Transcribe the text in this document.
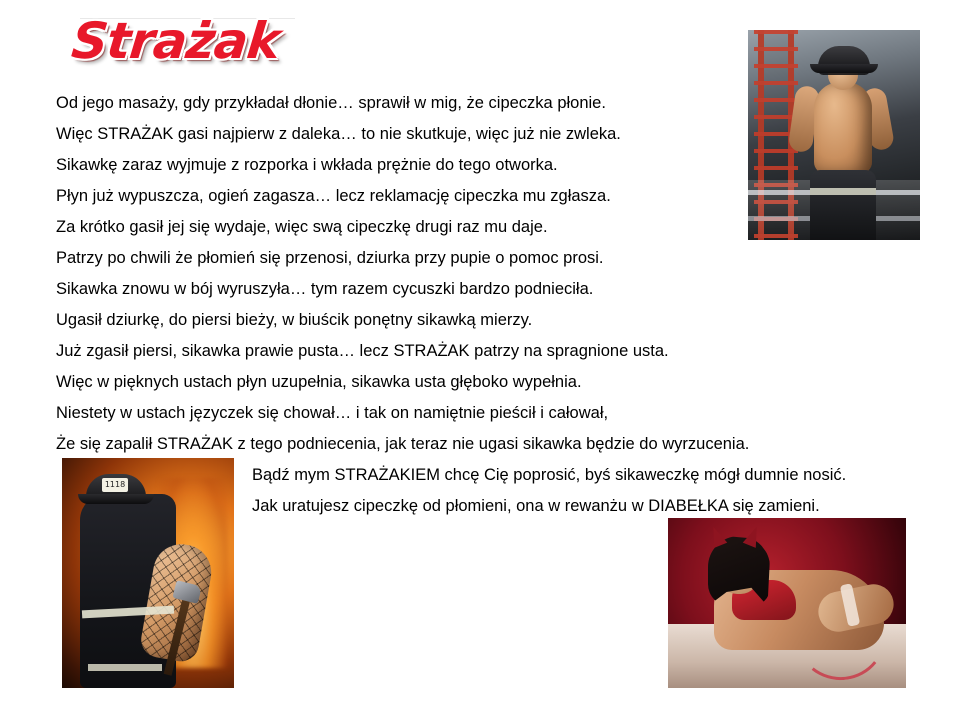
Strażak
Od jego masaży, gdy przykładał dłonie… sprawił w mig, że cipeczka płonie.
Więc STRAŻAK gasi najpierw z daleka… to nie skutkuje, więc już nie zwleka.
Sikawkę zaraz wyjmuje z rozporka i wkłada prężnie do tego otworka.
Płyn już wypuszcza, ogień zagasza… lecz reklamację cipeczka mu zgłasza.
Za krótko gasił jej się wydaje, więc swą cipeczkę drugi raz mu daje.
Patrzy po chwili że płomień się przenosi, dziurka przy pupie o pomoc prosi.
Sikawka znowu w bój wyruszyła… tym razem cycuszki bardzo podnieciła.
Ugasił dziurkę, do piersi bieży, w biuścik ponętny sikawką mierzy.
Już zgasił piersi, sikawka prawie pusta… lecz STRAŻAK patrzy na spragnione usta.
Więc w pięknych ustach płyn uzupełnia, sikawka usta głęboko wypełnia.
Niestety w ustach języczek się chował… i tak on namiętnie pieścił i całował,
Że się zapalił STRAŻAK z tego podniecenia, jak teraz nie ugasi sikawka będzie do wyrzucenia.
Bądź mym STRAŻAKIEM chcę Cię poprosić, byś sikaweczkę mógł dumnie nosić.
Jak uratujesz cipeczkę od płomieni, ona w rewanżu w DIABEŁKA się zamieni.
1118
